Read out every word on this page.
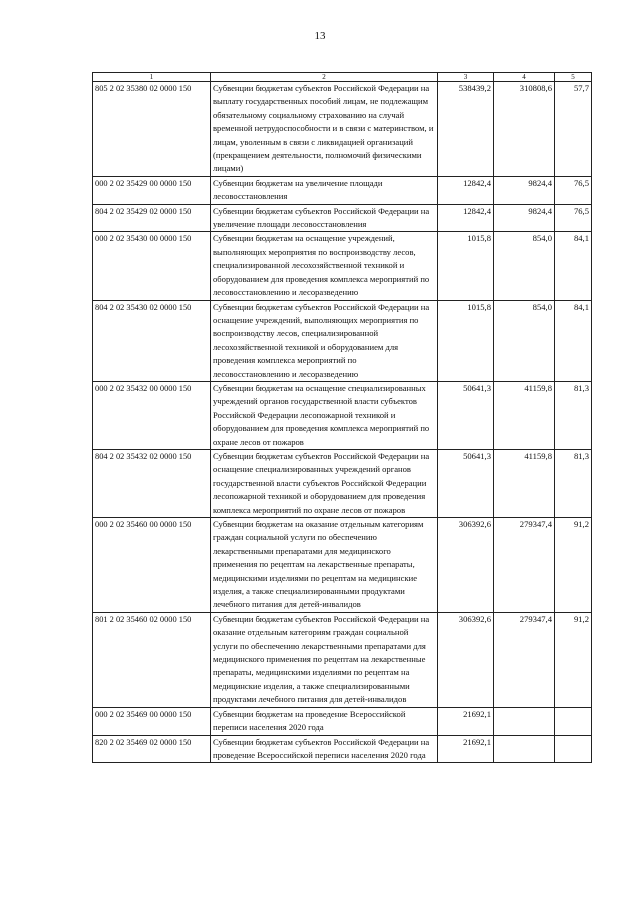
13
1	2	3	4	5
805 2 02 35380 02 0000 150	Субвенции бюджетам субъектов Российской Федерации на выплату государственных пособий лицам, не подлежащим обязательному социальному страхованию на случай временной нетрудоспособности и в связи с материнством, и лицам, уволенным в связи с ликвидацией организаций (прекращением деятельности, полномочий физическими лицами)	538439,2	310808,6	57,7
000 2 02 35429 00 0000 150	Субвенции бюджетам на увеличение площади лесовосстановления	12842,4	9824,4	76,5
804 2 02 35429 02 0000 150	Субвенции бюджетам субъектов Российской Федерации на увеличение площади лесовосстановления	12842,4	9824,4	76,5
000 2 02 35430 00 0000 150	Субвенции бюджетам на оснащение учреждений, выполняющих мероприятия по воспроизводству лесов, специализированной лесохозяйственной техникой и оборудованием для проведения комплекса мероприятий по лесовосстановлению и лесоразведению	1015,8	854,0	84,1
804 2 02 35430 02 0000 150	Субвенции бюджетам субъектов Российской Федерации на оснащение учреждений, выполняющих мероприятия по воспроизводству лесов, специализированной лесохозяйственной техникой и оборудованием для проведения комплекса мероприятий по лесовосстановлению и лесоразведению	1015,8	854,0	84,1
000 2 02 35432 00 0000 150	Субвенции бюджетам на оснащение специализированных учреждений органов государственной власти субъектов Российской Федерации лесопожарной техникой и оборудованием для проведения комплекса мероприятий по охране лесов от пожаров	50641,3	41159,8	81,3
804 2 02 35432 02 0000 150	Субвенции бюджетам субъектов Российской Федерации на оснащение специализированных учреждений органов государственной власти субъектов Российской Федерации лесопожарной техникой и оборудованием для проведения комплекса мероприятий по охране лесов от пожаров	50641,3	41159,8	81,3
000 2 02 35460 00 0000 150	Субвенции бюджетам на оказание отдельным категориям граждан социальной услуги по обеспечению лекарственными препаратами для медицинского применения по рецептам на лекарственные препараты, медицинскими изделиями по рецептам на медицинские изделия, а также специализированными продуктами лечебного питания для детей-инвалидов	306392,6	279347,4	91,2
801 2 02 35460 02 0000 150	Субвенции бюджетам субъектов Российской Федерации на оказание отдельным категориям граждан социальной услуги по обеспечению лекарственными препаратами для медицинского применения по рецептам на лекарственные препараты, медицинскими изделиями по рецептам на медицинские изделия, а также специализированными продуктами лечебного питания для детей-инвалидов	306392,6	279347,4	91,2
000 2 02 35469 00 0000 150	Субвенции бюджетам на проведение Всероссийской переписи населения 2020 года	21692,1		
820 2 02 35469 02 0000 150	Субвенции бюджетам субъектов Российской Федерации на проведение Всероссийской переписи населения 2020 года	21692,1		
